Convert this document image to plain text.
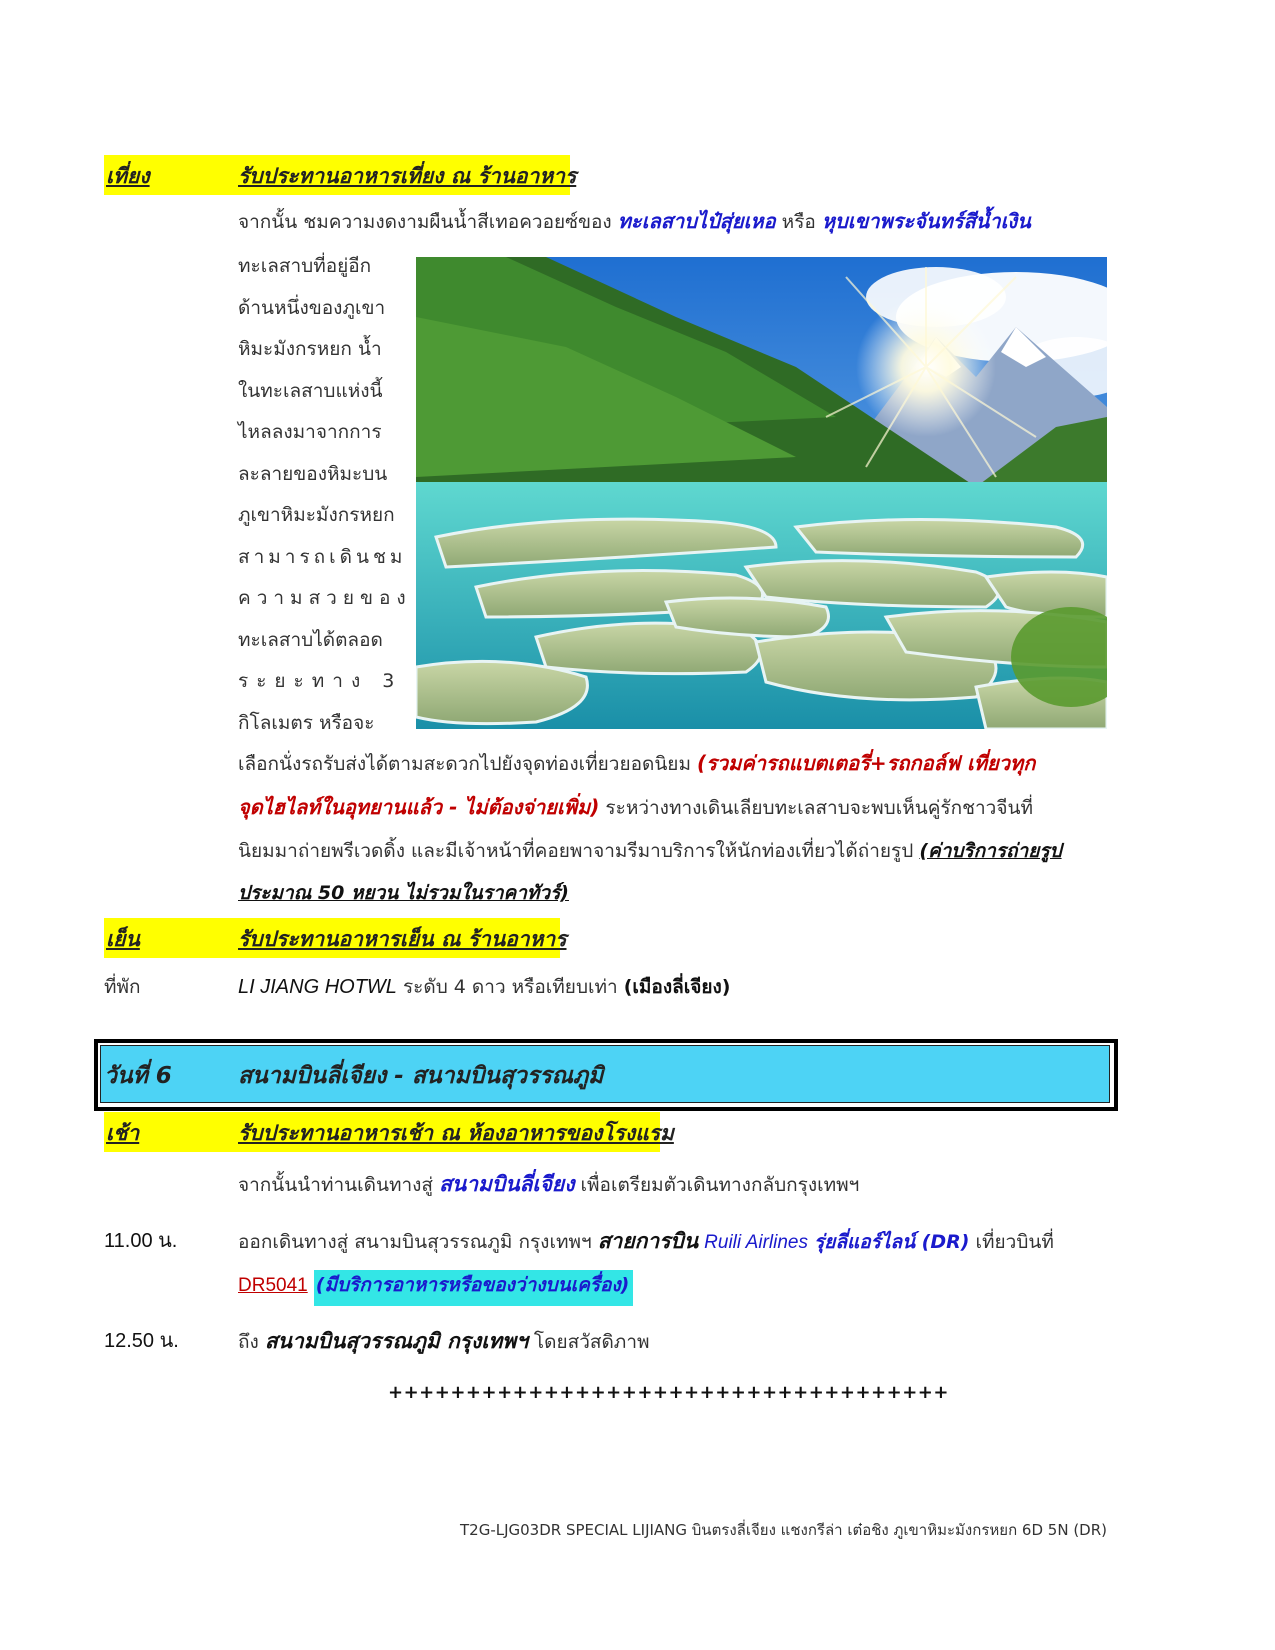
เที่ยง	รับประทานอาหารเที่ยง ณ ร้านอาหาร
จากนั้น ชมความงดงามผืนน้ำสีเทอควอยซ์ของ ทะเลสาบไป๋สุ่ยเหอ หรือ หุบเขาพระจันทร์สีน้ำเงิน

ทะเลสาบที่อยู่อีก

ด้านหนึ่งของภูเขา

หิมะมังกรหยก น้ำ

ในทะเลสาบแห่งนี้

ไหลลงมาจากการ

ละลายของหิมะบน

ภูเขาหิมะมังกรหยก

สามารถเดินชม

ความสวยของ

ทะเลสาบได้ตลอด

ระยะทาง 3

กิโลเมตร หรือจะ

เลือกนั่งรถรับส่งได้ตามสะดวกไปยังจุดท่องเที่ยวยอดนิยม (รวมค่ารถแบตเตอรี่+รถกอล์ฟ เที่ยวทุก
จุดไฮไลท์ในอุทยานแล้ว - ไม่ต้องจ่ายเพิ่ม) ระหว่างทางเดินเลียบทะเลสาบจะพบเห็นคู่รักชาวจีนที่
นิยมมาถ่ายพรีเวดดิ้ง และมีเจ้าหน้าที่คอยพาจามรีมาบริการให้นักท่องเที่ยวได้ถ่ายรูป (ค่าบริการถ่ายรูป
ประมาณ 50 หยวน ไม่รวมในราคาทัวร์)
เย็น	รับประทานอาหารเย็น ณ ร้านอาหาร
ที่พัก	LI JIANG HOTWL ระดับ 4 ดาว หรือเทียบเท่า (เมืองลี่เจียง)
วันที่ 6	สนามบินลี่เจียง - สนามบินสุวรรณภูมิ
เช้า	รับประทานอาหารเช้า ณ ห้องอาหารของโรงแรม
จากนั้นนำท่านเดินทางสู่ สนามบินลี่เจียง เพื่อเตรียมตัวเดินทางกลับกรุงเทพฯ
11.00 น.	ออกเดินทางสู่ สนามบินสุวรรณภูมิ กรุงเทพฯ สายการบิน Ruili Airlines รุ่ยลี่แอร์ไลน์ (DR) เที่ยวบินที่
DR5041 (มีบริการอาหารหรือของว่างบนเครื่อง)
12.50 น.	ถึง สนามบินสุวรรณภูมิ กรุงเทพฯ โดยสวัสดิภาพ
++++++++++++++++++++++++++++++++++++
T2G-LJG03DR SPECIAL LIJIANG บินตรงลี่เจียง แชงกรีล่า เต๋อชิง ภูเขาหิมะมังกรหยก 6D 5N (DR)
